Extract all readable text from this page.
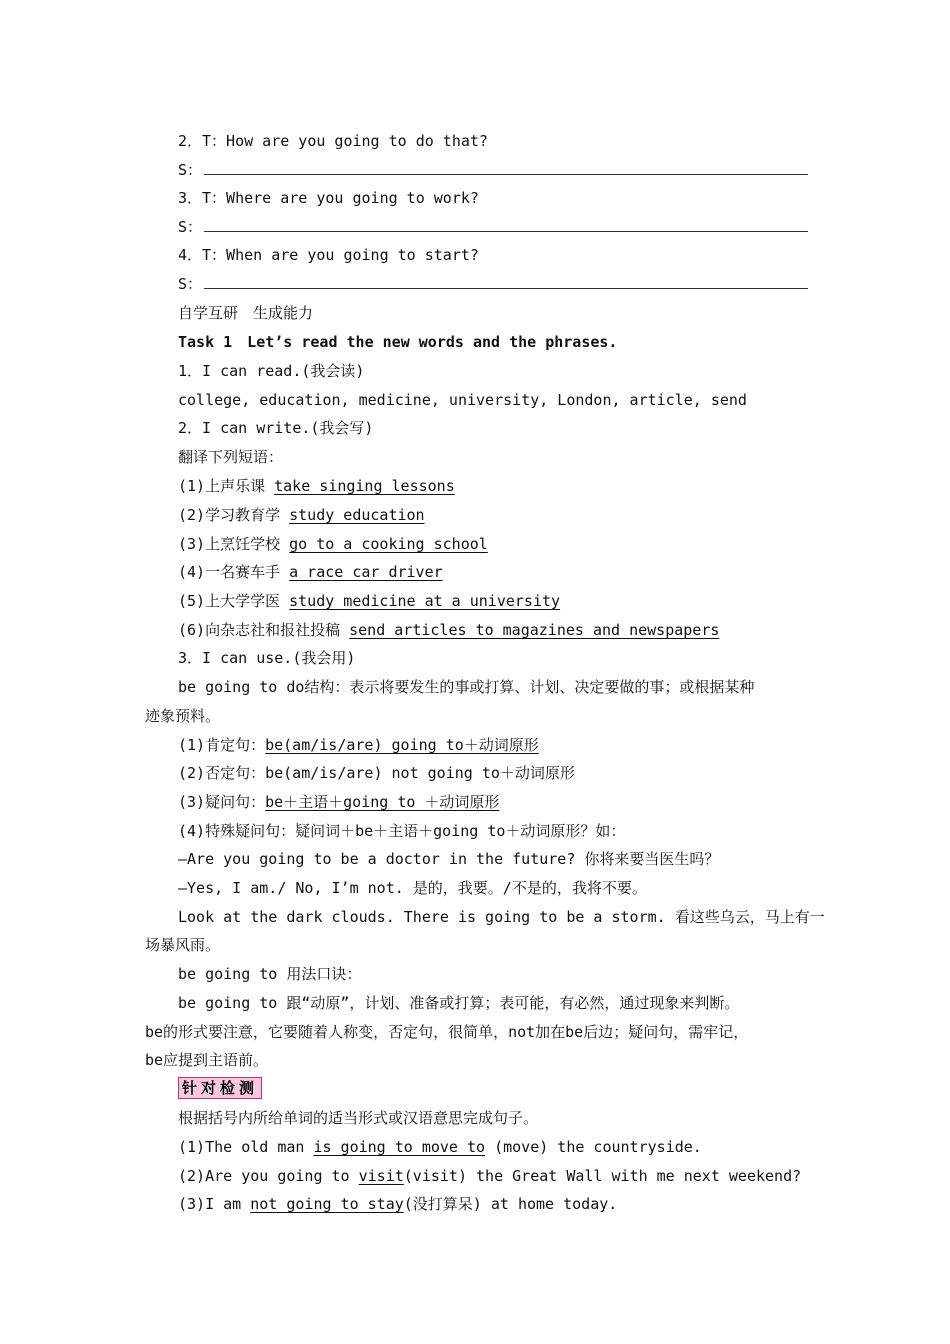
2．T：How are you going to do that?
S：
3．T：Where are you going to work?
S：
4．T：When are you going to start?
S：
自学互研　生成能力
Task 1　Let’s read the new words and the phrases.
1．I can read.(我会读)
college, education, medicine, university, London, article, send
2．I can write.(我会写)
翻译下列短语：
(1)上声乐课 take singing lessons
(2)学习教育学 study education
(3)上烹饪学校 go to a cooking school
(4)一名赛车手 a race car driver
(5)上大学学医 study medicine at a university
(6)向杂志社和报社投稿 send articles to magazines and newspapers
3．I can use.(我会用)
be going to do结构：表示将要发生的事或打算、计划、决定要做的事；或根据某种
迹象预料。
(1)肯定句：be(am/is/are) going to＋动词原形
(2)否定句：be(am/is/are) not going to＋动词原形
(3)疑问句：be＋主语＋going to ＋动词原形
(4)特殊疑问句：疑问词＋be＋主语＋going to＋动词原形？如：
—Are you going to be a doctor in the future? 你将来要当医生吗？
—Yes, I am./ No, I’m not. 是的，我要。/不是的，我将不要。
Look at the dark clouds. There is going to be a storm. 看这些乌云，马上有一
场暴风雨。
be going to 用法口诀：
be going to 跟“动原”，计划、准备或打算；表可能，有必然，通过现象来判断。
be的形式要注意，它要随着人称变，否定句，很简单，not加在be后边；疑问句，需牢记，
be应提到主语前。
针对检测
根据括号内所给单词的适当形式或汉语意思完成句子。
(1)The old man is going to move to (move) the countryside.
(2)Are you going to visit(visit) the Great Wall with me next weekend?
(3)I am not going to stay(没打算呆) at home today.
